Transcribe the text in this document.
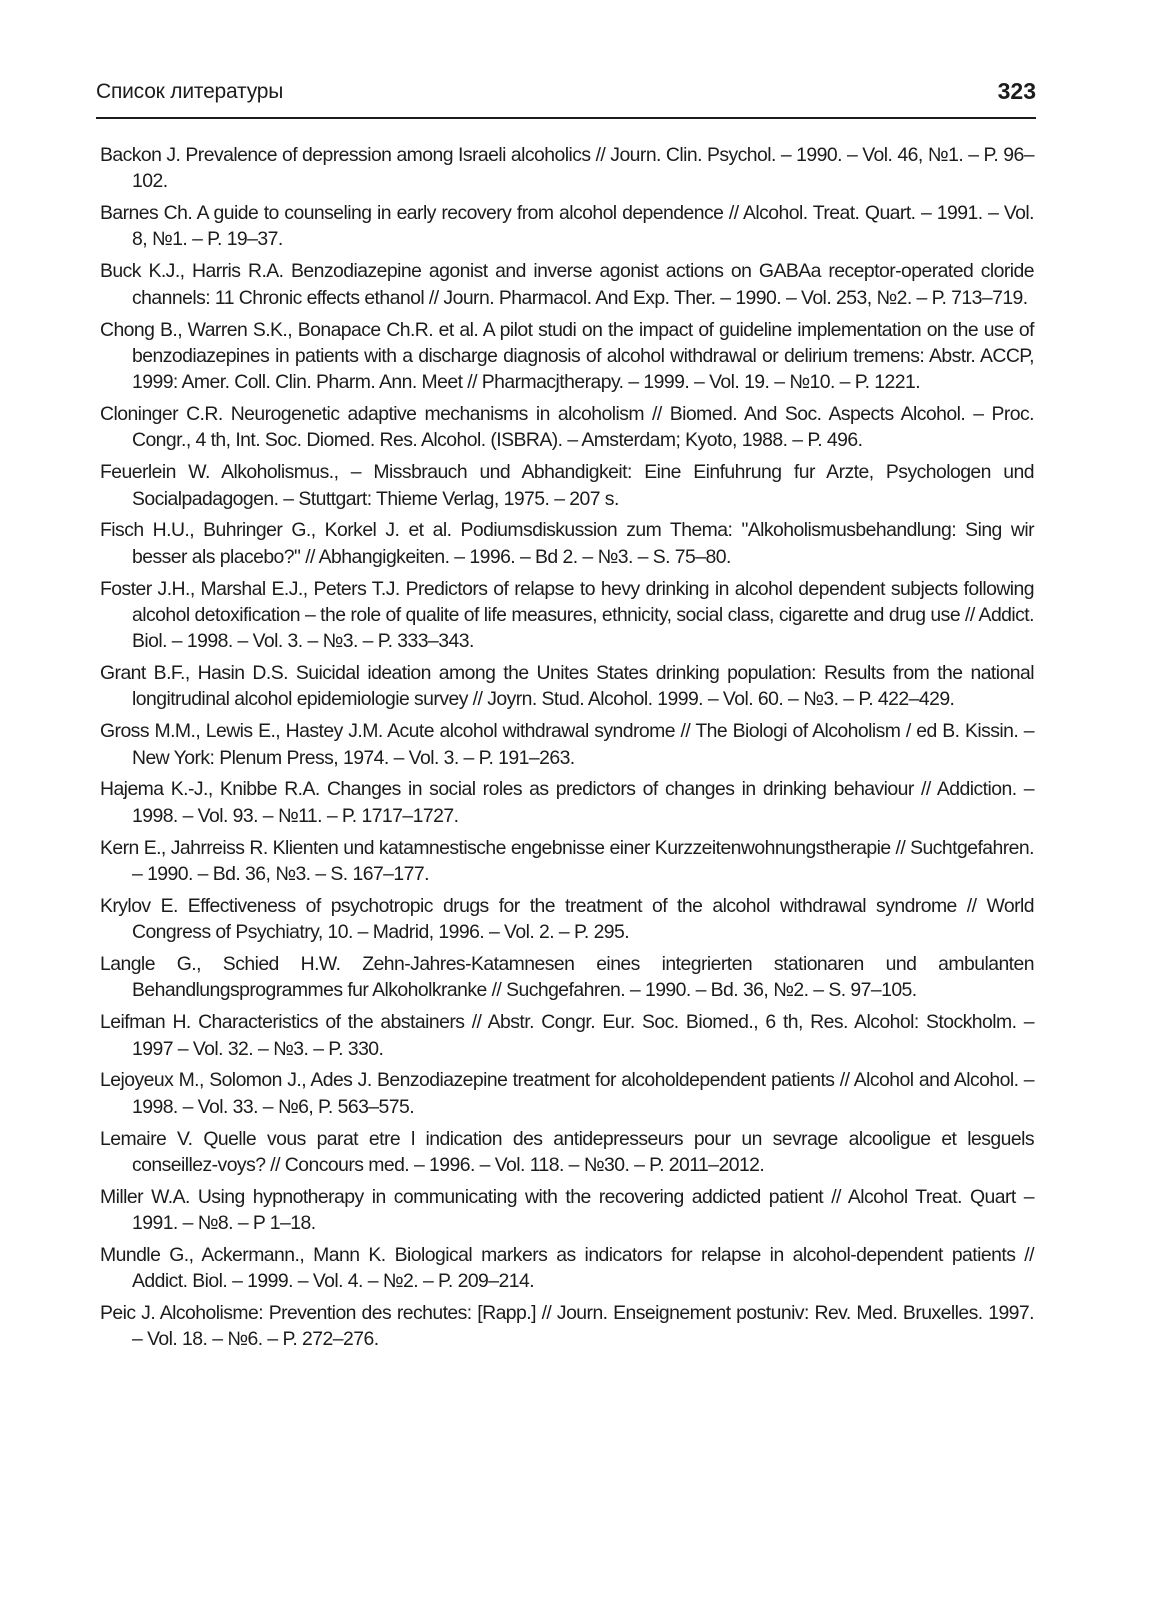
Список литературы	323
Backon J. Prevalence of depression among Israeli alcoholics // Journ. Clin. Psychol. – 1990. – Vol. 46, №1. – P. 96–102.
Barnes Ch. A guide to counseling in early recovery from alcohol dependence // Alcohol. Treat. Quart. – 1991. – Vol. 8, №1. – P. 19–37.
Buck K.J., Harris R.A. Benzodiazepine agonist and inverse agonist actions on GABAa receptor-operated cloride channels: 11 Chronic effects ethanol // Journ. Pharmacol. And Exp. Ther. – 1990. – Vol. 253, №2. – P. 713–719.
Chong B., Warren S.K., Bonapace Ch.R. et al. A pilot studi on the impact of guideline implementation on the use of benzodiazepines in patients with a discharge diagnosis of alcohol withdrawal or delirium tremens: Abstr. ACCP, 1999: Amer. Coll. Clin. Pharm. Ann. Meet // Pharmacjtherapy. – 1999. – Vol. 19. – №10. – P. 1221.
Cloninger C.R. Neurogenetic adaptive mechanisms in alcoholism // Biomed. And Soc. Aspects Alcohol. – Proc. Congr., 4 th, Int. Soc. Diomed. Res. Alcohol. (ISBRA). – Amsterdam; Kyoto, 1988. – P. 496.
Feuerlein W. Alkoholismus., – Missbrauch und Abhandigkeit: Eine Einfuhrung fur Arzte, Psychologen und Socialpadagogen. – Stuttgart: Thieme Verlag, 1975. – 207 s.
Fisch H.U., Buhringer G., Korkel J. et al. Podiumsdiskussion zum Thema: "Alkoholismusbehandlung: Sing wir besser als placebo?" // Abhangigkeiten. – 1996. – Bd 2. – №3. – S. 75–80.
Foster J.H., Marshal E.J., Peters T.J. Predictors of relapse to hevy drinking in alcohol dependent subjects following alcohol detoxification – the role of qualite of life measures, ethnicity, social class, cigarette and drug use // Addict. Biol. – 1998. – Vol. 3. – №3. – P. 333–343.
Grant B.F., Hasin D.S. Suicidal ideation among the Unites States drinking population: Results from the national longitrudinal alcohol epidemiologie survey // Joyrn. Stud. Alcohol. 1999. – Vol. 60. – №3. – P. 422–429.
Gross M.M., Lewis E., Hastey J.M. Acute alcohol withdrawal syndrome // The Biologi of Alcoholism / ed B. Kissin. – New York: Plenum Press, 1974. – Vol. 3. – P. 191–263.
Hajema K.-J., Knibbe R.A. Changes in social roles as predictors of changes in drinking behaviour // Addiction. – 1998. – Vol. 93. – №11. – P. 1717–1727.
Kern E., Jahrreiss R. Klienten und katamnestische engebnisse einer Kurzzeitenwohnungstherapie // Suchtgefahren. – 1990. – Bd. 36, №3. – S. 167–177.
Krylov E. Effectiveness of psychotropic drugs for the treatment of the alcohol withdrawal syndrome // World Congress of Psychiatry, 10. – Madrid, 1996. – Vol. 2. – P. 295.
Langle G., Schied H.W. Zehn-Jahres-Katamnesen eines integrierten stationaren und ambulanten Behandlungsprogrammes fur Alkoholkranke // Suchgefahren. – 1990. – Bd. 36, №2. – S. 97–105.
Leifman H. Characteristics of the abstainers // Abstr. Congr. Eur. Soc. Biomed., 6 th, Res. Alcohol: Stockholm. – 1997 – Vol. 32. – №3. – P. 330.
Lejoyeux M., Solomon J., Ades J. Benzodiazepine treatment for alcoholdependent patients // Alcohol and Alcohol. – 1998. – Vol. 33. – №6, P. 563–575.
Lemaire V. Quelle vous parat etre l indication des antidepresseurs pour un sevrage alcooligue et lesguels conseillez-voys? // Concours med. – 1996. – Vol. 118. – №30. – P. 2011–2012.
Miller W.A. Using hypnotherapy in communicating with the recovering addicted patient // Alcohol Treat. Quart – 1991. – №8. – P 1–18.
Mundle G., Ackermann., Mann K. Biological markers as indicators for relapse in alcohol-dependent patients // Addict. Biol. – 1999. – Vol. 4. – №2. – P. 209–214.
Peic J. Alcoholisme: Prevention des rechutes: [Rapp.] // Journ. Enseignement postuniv: Rev. Med. Bruxelles. 1997. – Vol. 18. – №6. – P. 272–276.
